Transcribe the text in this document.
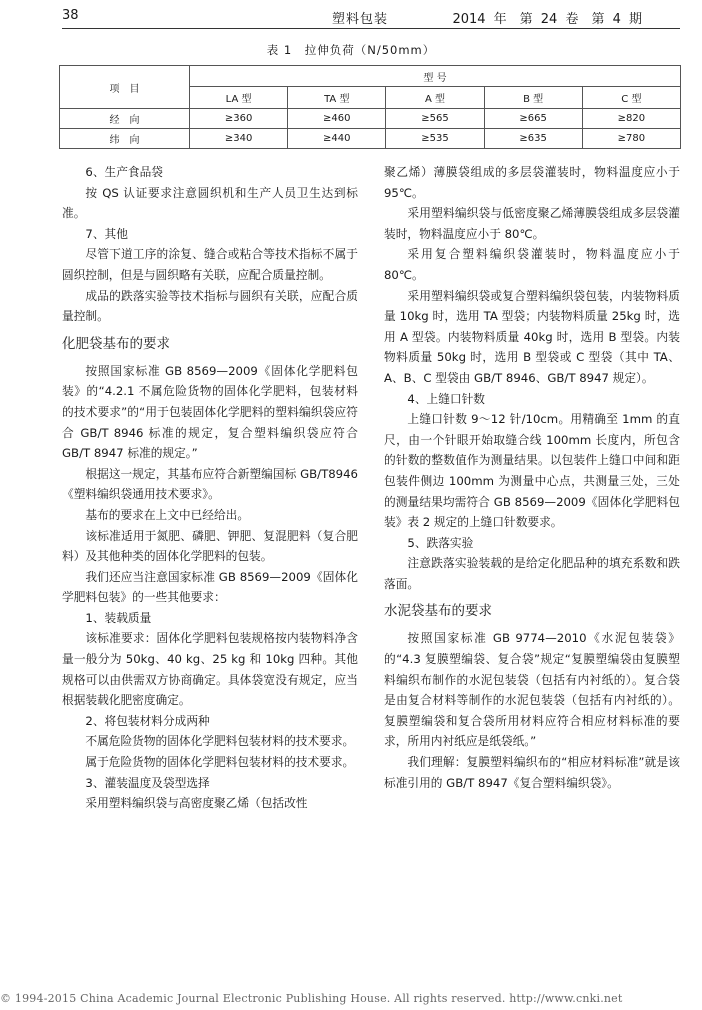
38	塑料包装	2014 年　第 24 卷　第 4 期
表 1　拉伸负荷（N/50mm）
项　目	型 号				
	LA 型	TA 型	A 型	B 型	C 型
经　向	≥360	≥460	≥565	≥665	≥820
纬　向	≥340	≥440	≥535	≥635	≥780

6、生产食品袋

按 QS 认证要求注意圆织机和生产人员卫生达到标准。

7、其他

尽管下道工序的涂复、缝合或粘合等技术指标不属于圆织控制，但是与圆织略有关联，应配合质量控制。

成品的跌落实验等技术指标与圆织有关联，应配合质量控制。

化肥袋基布的要求

按照国家标准 GB 8569—2009《固体化学肥料包装》的“4.2.1 不属危险货物的固体化学肥料，包装材料的技术要求”的“用于包装固体化学肥料的塑料编织袋应符合 GB/T 8946 标准的规定，复合塑料编织袋应符合 GB/T 8947 标准的规定。”

根据这一规定，其基布应符合新塑编国标 GB/T8946《塑料编织袋通用技术要求》。

基布的要求在上文中已经给出。

该标准适用于氮肥、磷肥、钾肥、复混肥料（复合肥料）及其他种类的固体化学肥料的包装。

我们还应当注意国家标准 GB 8569—2009《固体化学肥料包装》的一些其他要求：

1、装载质量

该标准要求：固体化学肥料包装规格按内装物料净含量一般分为 50kg、40 kg、25 kg 和 10kg 四种。其他规格可以由供需双方协商确定。具体袋宽没有规定，应当根据装载化肥密度确定。

2、将包装材料分成两种

不属危险货物的固体化学肥料包装材料的技术要求。

属于危险货物的固体化学肥料包装材料的技术要求。

3、灌装温度及袋型选择

采用塑料编织袋与高密度聚乙烯（包括改性

聚乙烯）薄膜袋组成的多层袋灌装时，物料温度应小于 95℃。

采用塑料编织袋与低密度聚乙烯薄膜袋组成多层袋灌装时，物料温度应小于 80℃。

采用复合塑料编织袋灌装时，物料温度应小于 80℃。

采用塑料编织袋或复合塑料编织袋包装，内装物料质量 10kg 时，选用 TA 型袋；内装物料质量 25kg 时，选用 A 型袋。内装物料质量 40kg 时，选用 B 型袋。内装物料质量 50kg 时，选用 B 型袋或 C 型袋（其中 TA、A、B、C 型袋由 GB/T 8946、GB/T 8947 规定）。

4、上缝口针数

上缝口针数 9～12 针/10cm。用精确至 1mm 的直尺，由一个针眼开始取缝合线 100mm 长度内，所包含的针数的整数值作为测量结果。以包装件上缝口中间和距包装件侧边 100mm 为测量中心点，共测量三处，三处的测量结果均需符合 GB 8569—2009《固体化学肥料包装》表 2 规定的上缝口针数要求。

5、跌落实验

注意跌落实验装载的是给定化肥品种的填充系数和跌落面。

水泥袋基布的要求

按照国家标准 GB 9774—2010《水泥包装袋》的“4.3 复膜塑编袋、复合袋”规定“复膜塑编袋由复膜塑料编织布制作的水泥包装袋（包括有内衬纸的）。复合袋是由复合材料等制作的水泥包装袋（包括有内衬纸的）。复膜塑编袋和复合袋所用材料应符合相应材料标准的要求，所用内衬纸应是纸袋纸。”

我们理解：复膜塑料编织布的“相应材料标准”就是该标准引用的 GB/T 8947《复合塑料编织袋》。

© 1994-2015 China Academic Journal Electronic Publishing House. All rights reserved. http://www.cnki.net
